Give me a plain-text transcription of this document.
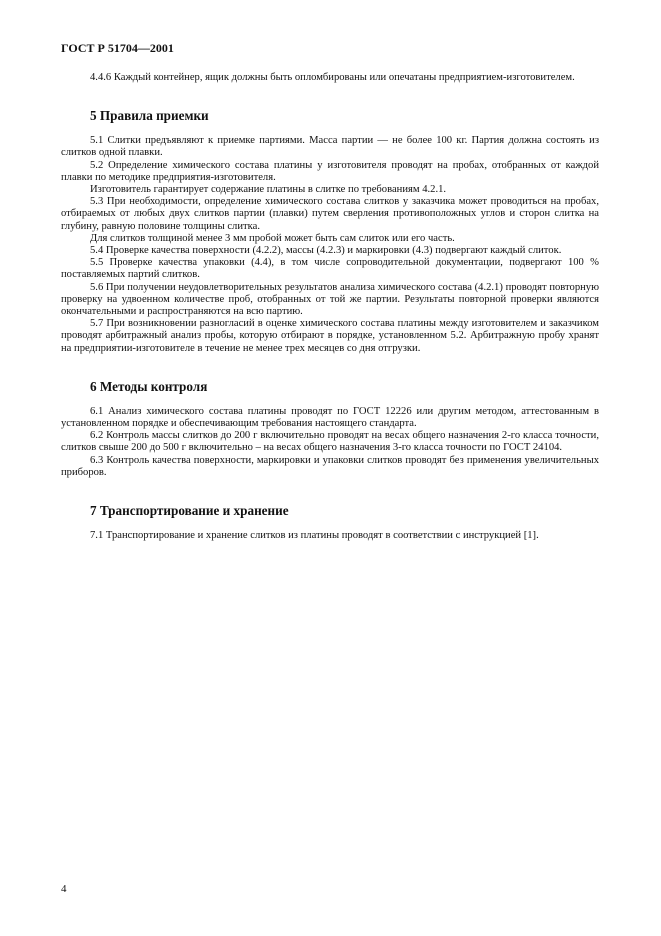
ГОСТ Р 51704—2001

4.4.6 Каждый контейнер, ящик должны быть опломбированы или опечатаны предприятием-изготовителем.

5 Правила приемки

5.1 Слитки предъявляют к приемке партиями. Масса партии — не более 100 кг. Партия должна состоять из слитков одной плавки.

5.2 Определение химического состава платины у изготовителя проводят на пробах, отобранных от каждой плавки по методике предприятия-изготовителя.

Изготовитель гарантирует содержание платины в слитке по требованиям 4.2.1.

5.3 При необходимости, определение химического состава слитков у заказчика может проводиться на пробах, отбираемых от любых двух слитков партии (плавки) путем сверления противоположных углов и сторон слитка на глубину, равную половине толщины слитка.

Для слитков толщиной менее 3 мм пробой может быть сам слиток или его часть.

5.4 Проверке качества поверхности (4.2.2), массы (4.2.3) и маркировки (4.3) подвергают каждый слиток.

5.5 Проверке качества упаковки (4.4), в том числе сопроводительной документации, подвергают 100 % поставляемых партий слитков.

5.6 При получении неудовлетворительных результатов анализа химического состава (4.2.1) проводят повторную проверку на удвоенном количестве проб, отобранных от той же партии. Результаты повторной проверки являются окончательными и распространяются на всю партию.

5.7 При возникновении разногласий в оценке химического состава платины между изготовителем и заказчиком проводят арбитражный анализ пробы, которую отбирают в порядке, установленном 5.2. Арбитражную пробу хранят на предприятии-изготовителе в течение не менее трех месяцев со дня отгрузки.

6 Методы контроля

6.1 Анализ химического состава платины проводят по ГОСТ 12226 или другим методом, аттестованным в установленном порядке и обеспечивающим требования настоящего стандарта.

6.2 Контроль массы слитков до 200 г включительно проводят на весах общего назначения 2-го класса точности, слитков свыше 200 до 500 г включительно – на весах общего назначения 3-го класса точности по ГОСТ 24104.

6.3 Контроль качества поверхности, маркировки и упаковки слитков проводят без применения увеличительных приборов.

7 Транспортирование и хранение

7.1 Транспортирование и хранение слитков из платины проводят в соответствии с инструкцией [1].

4
